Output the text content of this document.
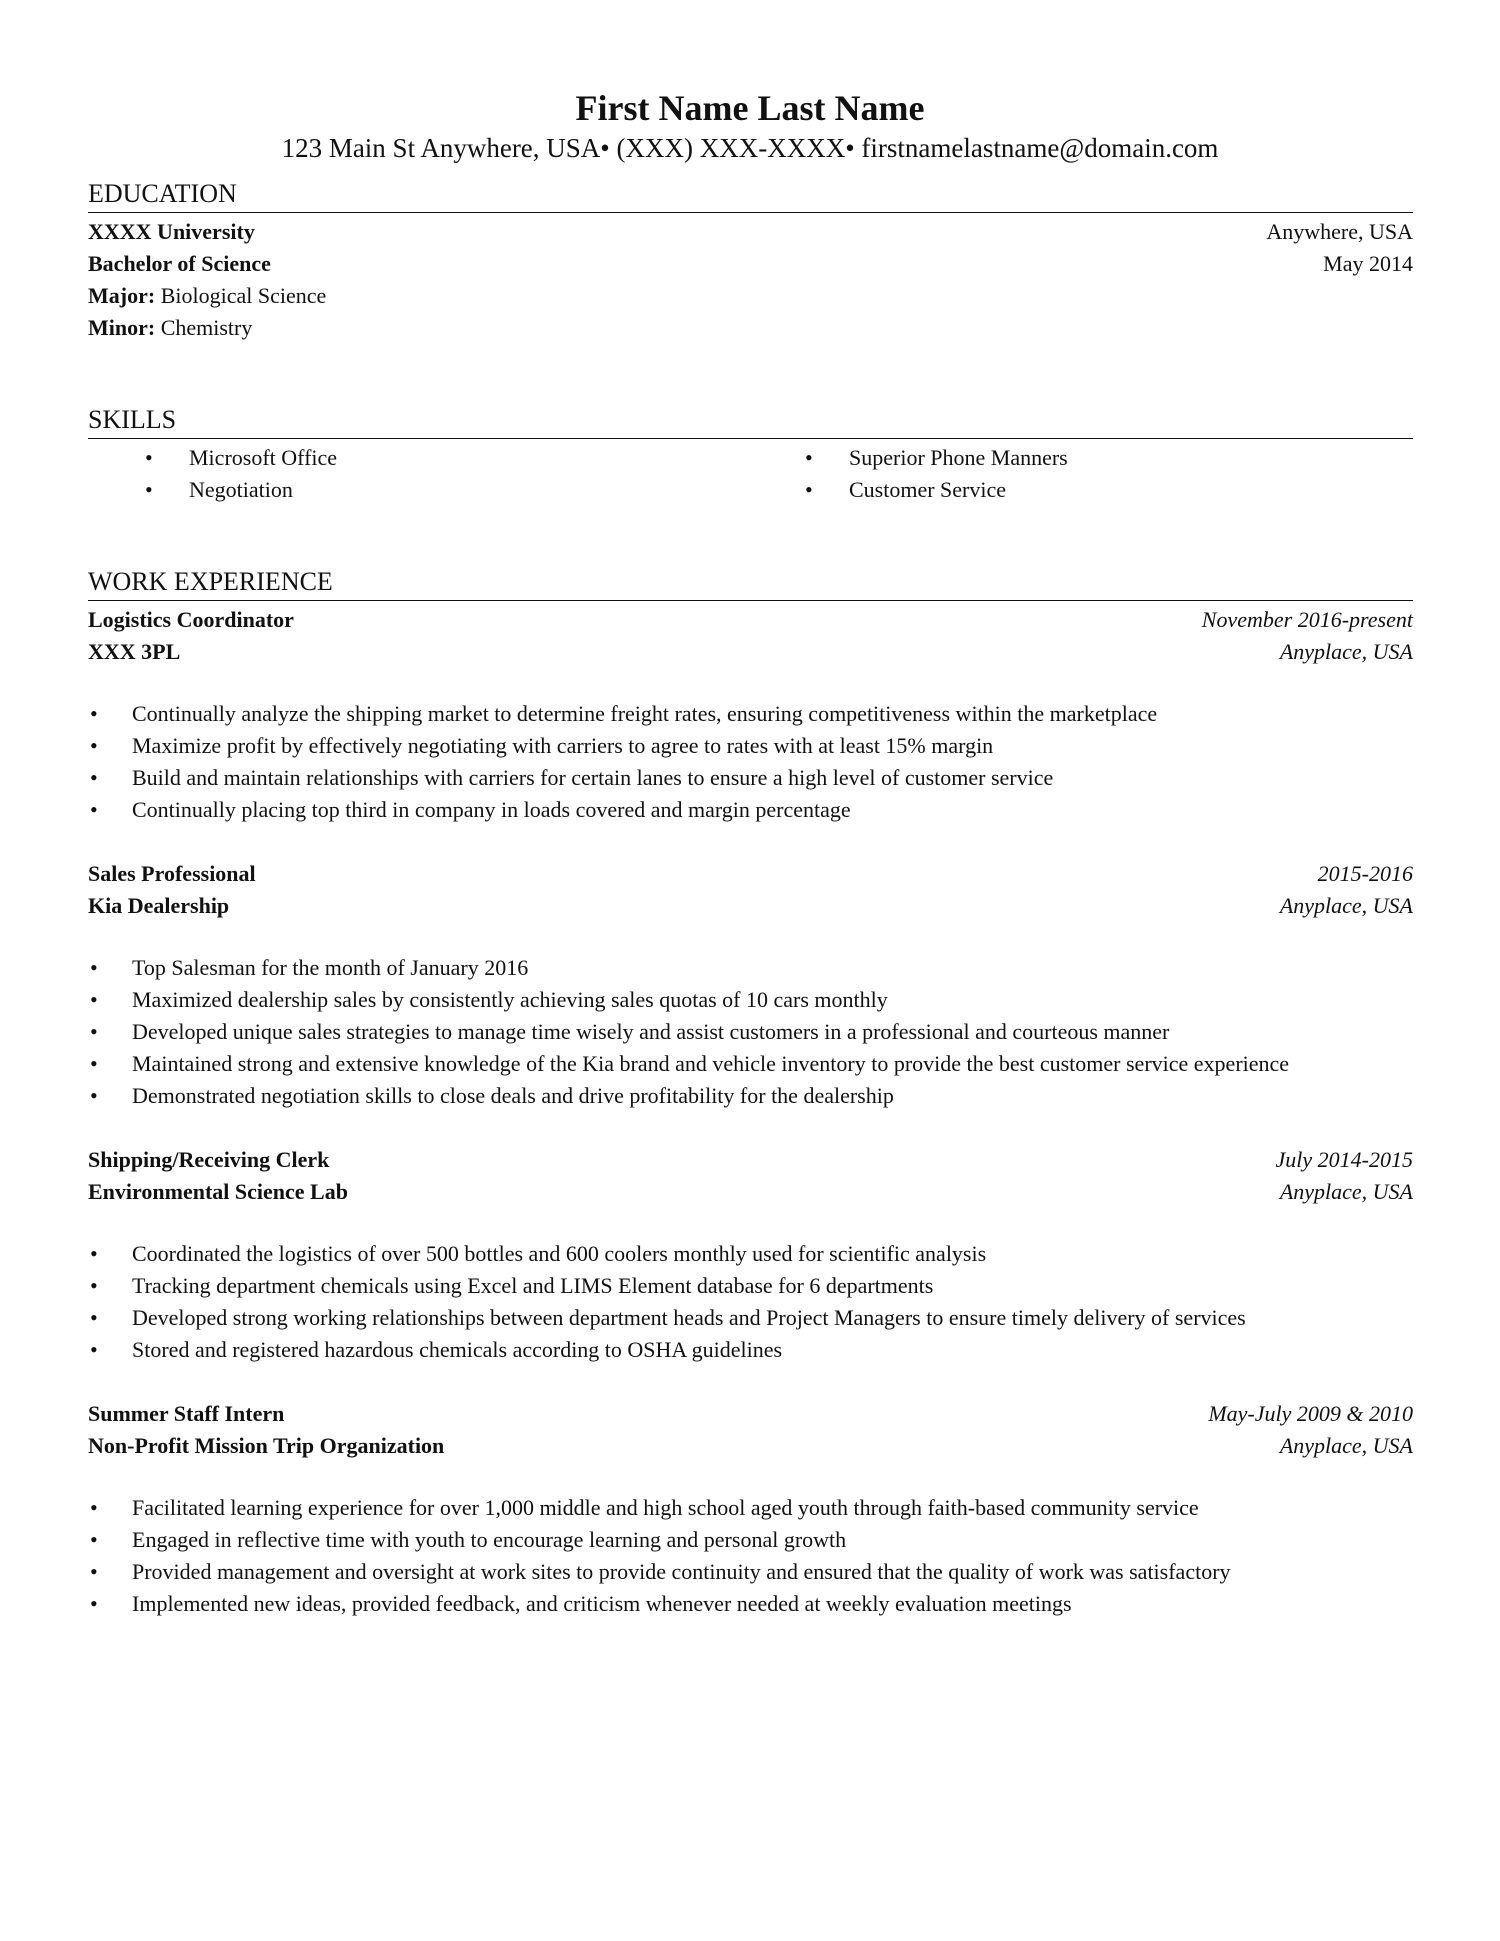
First Name Last Name
123 Main St Anywhere, USA• (XXX) XXX-XXXX• firstnamelastname@domain.com
EDUCATION
XXXX University	Anywhere, USA
Bachelor of Science	May 2014
Major: Biological Science
Minor: Chemistry
SKILLS
• Microsoft Office
• Negotiation
• Superior Phone Manners
• Customer Service
WORK EXPERIENCE
Logistics Coordinator	November 2016-present
XXX 3PL	Anyplace, USA
• Continually analyze the shipping market to determine freight rates, ensuring competitiveness within the marketplace
• Maximize profit by effectively negotiating with carriers to agree to rates with at least 15% margin
• Build and maintain relationships with carriers for certain lanes to ensure a high level of customer service
• Continually placing top third in company in loads covered and margin percentage
Sales Professional	2015-2016
Kia Dealership	Anyplace, USA
• Top Salesman for the month of January 2016
• Maximized dealership sales by consistently achieving sales quotas of 10 cars monthly
• Developed unique sales strategies to manage time wisely and assist customers in a professional and courteous manner
• Maintained strong and extensive knowledge of the Kia brand and vehicle inventory to provide the best customer service experience
• Demonstrated negotiation skills to close deals and drive profitability for the dealership
Shipping/Receiving Clerk	July 2014-2015
Environmental Science Lab	Anyplace, USA
• Coordinated the logistics of over 500 bottles and 600 coolers monthly used for scientific analysis
• Tracking department chemicals using Excel and LIMS Element database for 6 departments
• Developed strong working relationships between department heads and Project Managers to ensure timely delivery of services
• Stored and registered hazardous chemicals according to OSHA guidelines
Summer Staff Intern	May-July 2009 & 2010
Non-Profit Mission Trip Organization	Anyplace, USA
• Facilitated learning experience for over 1,000 middle and high school aged youth through faith-based community service
• Engaged in reflective time with youth to encourage learning and personal growth
• Provided management and oversight at work sites to provide continuity and ensured that the quality of work was satisfactory
• Implemented new ideas, provided feedback, and criticism whenever needed at weekly evaluation meetings
